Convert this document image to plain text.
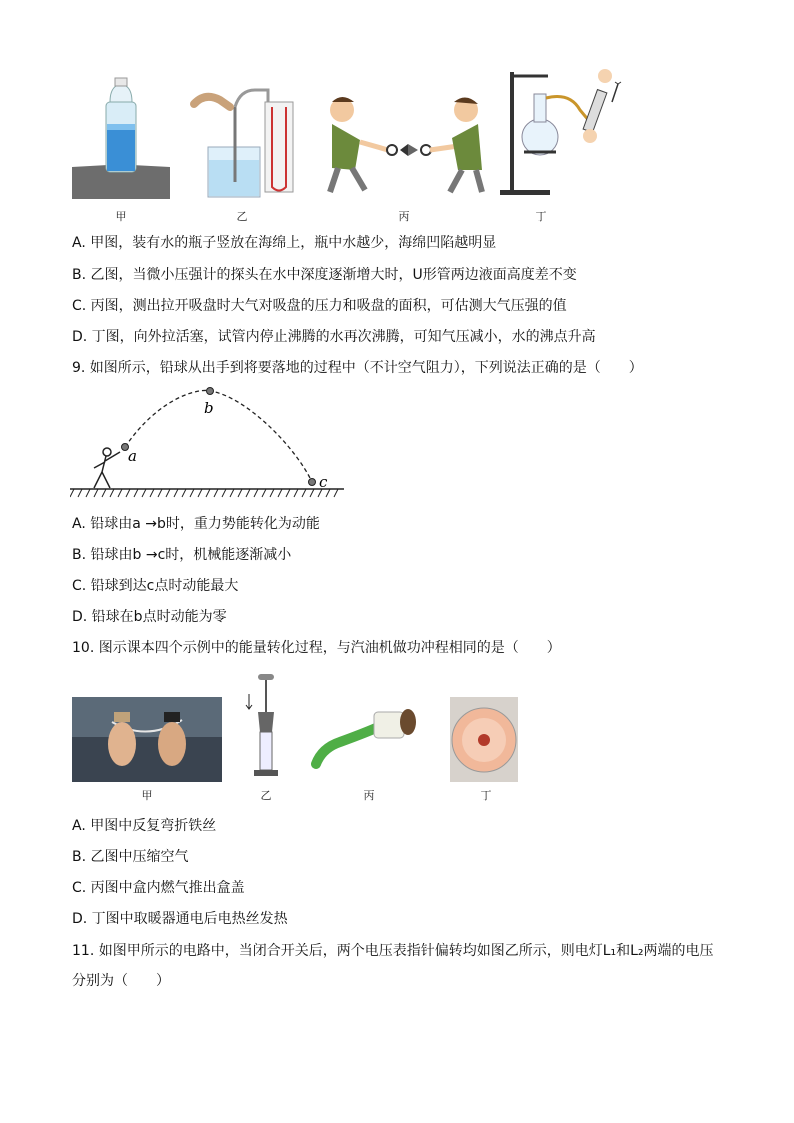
甲	乙	丙	丁
A. 甲图，装有水的瓶子竖放在海绵上，瓶中水越少，海绵凹陷越明显
B. 乙图，当微小压强计的探头在水中深度逐渐增大时，U形管两边液面高度差不变
C. 丙图，测出拉开吸盘时大气对吸盘的压力和吸盘的面积，可估测大气压强的值
D. 丁图，向外拉活塞，试管内停止沸腾的水再次沸腾，可知气压减小，水的沸点升高
9. 如图所示，铅球从出手到将要落地的过程中（不计空气阻力），下列说法正确的是（　　）
a
b
c
A. 铅球由a →b时，重力势能转化为动能
B. 铅球由b →c时，机械能逐渐减小
C. 铅球到达c点时动能最大
D. 铅球在b点时动能为零
10. 图示课本四个示例中的能量转化过程，与汽油机做功冲程相同的是（　　）
甲	乙	丙	丁
A. 甲图中反复弯折铁丝
B. 乙图中压缩空气
C. 丙图中盒内燃气推出盒盖
D. 丁图中取暖器通电后电热丝发热
11. 如图甲所示的电路中，当闭合开关后，两个电压表指针偏转均如图乙所示，则电灯L₁和L₂两端的电压
分别为（　　）
